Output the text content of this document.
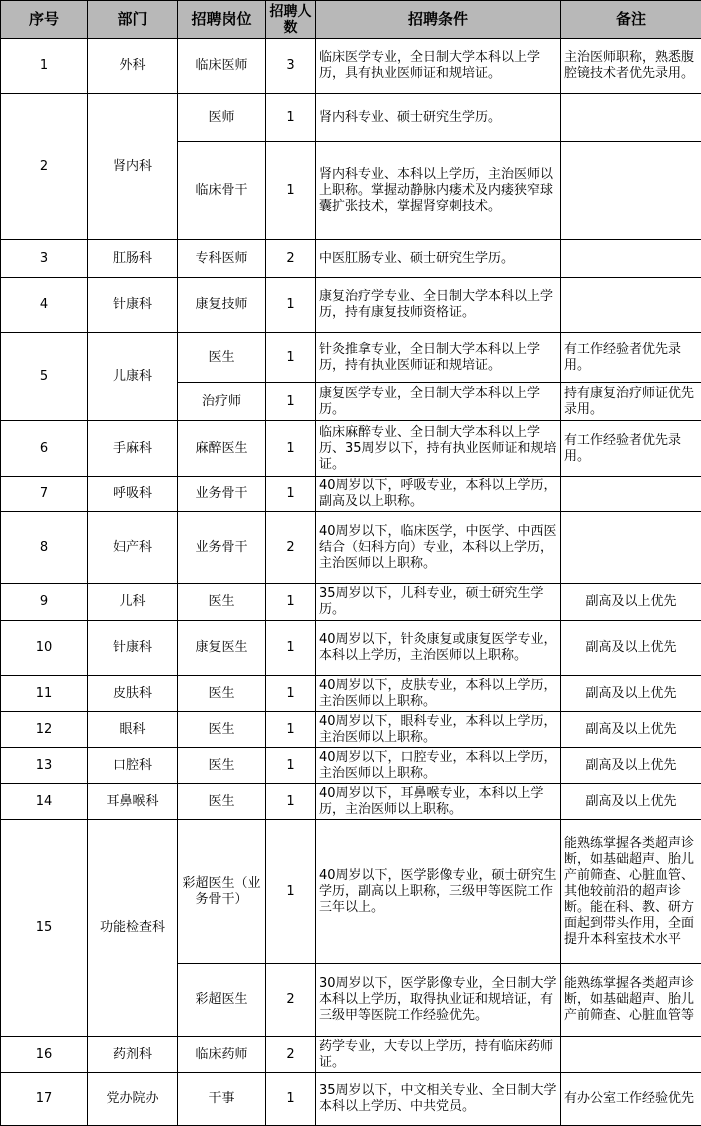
序号	部门	招聘岗位	招聘人数	招聘条件	备注
1	外科	临床医师	3	临床医学专业，全日制大学本科以上学历，具有执业医师证和规培证。	主治医师职称，熟悉腹腔镜技术者优先录用。
2	肾内科	医师	1	肾内科专业、硕士研究生学历。	
		临床骨干	1	肾内科专业、本科以上学历，主治医师以上职称。掌握动静脉内瘘术及内瘘狭窄球囊扩张技术，掌握肾穿刺技术。	
3	肛肠科	专科医师	2	中医肛肠专业、硕士研究生学历。	
4	针康科	康复技师	1	康复治疗学专业、全日制大学本科以上学历，持有康复技师资格证。	
5	儿康科	医生	1	针灸推拿专业，全日制大学本科以上学历，持有执业医师证和规培证。	有工作经验者优先录用。
		治疗师	1	康复医学专业，全日制大学本科以上学历。	持有康复治疗师证优先录用。
6	手麻科	麻醉医生	1	临床麻醉专业、全日制大学本科以上学历、35周岁以下，持有执业医师证和规培证。	有工作经验者优先录用。
7	呼吸科	业务骨干	1	40周岁以下，呼吸专业，本科以上学历，副高及以上职称。	
8	妇产科	业务骨干	2	40周岁以下，临床医学，中医学、中西医结合（妇科方向）专业，本科以上学历，主治医师以上职称。	
9	儿科	医生	1	35周岁以下，儿科专业，硕士研究生学历。	副高及以上优先
10	针康科	康复医生	1	40周岁以下，针灸康复或康复医学专业，本科以上学历，主治医师以上职称。	副高及以上优先
11	皮肤科	医生	1	40周岁以下，皮肤专业，本科以上学历，主治医师以上职称。	副高及以上优先
12	眼科	医生	1	40周岁以下，眼科专业，本科以上学历，主治医师以上职称。	副高及以上优先
13	口腔科	医生	1	40周岁以下，口腔专业，本科以上学历，主治医师以上职称。	副高及以上优先
14	耳鼻喉科	医生	1	40周岁以下，耳鼻喉专业，本科以上学历，主治医师以上职称。	副高及以上优先
15	功能检查科	彩超医生（业务骨干）	1	40周岁以下，医学影像专业，硕士研究生学历，副高以上职称，三级甲等医院工作三年以上。	能熟练掌握各类超声诊断，如基础超声、胎儿产前筛查、心脏血管、其他较前沿的超声诊断。能在科、教、研方面起到带头作用，全面提升本科室技术水平
		彩超医生	2	30周岁以下，医学影像专业，全日制大学本科以上学历，取得执业证和规培证，有三级甲等医院工作经验优先。	能熟练掌握各类超声诊断，如基础超声、胎儿产前筛查、心脏血管等
16	药剂科	临床药师	2	药学专业，大专以上学历，持有临床药师证。	
17	党办院办	干事	1	35周岁以下，中文相关专业、全日制大学本科以上学历、中共党员。	有办公室工作经验优先
